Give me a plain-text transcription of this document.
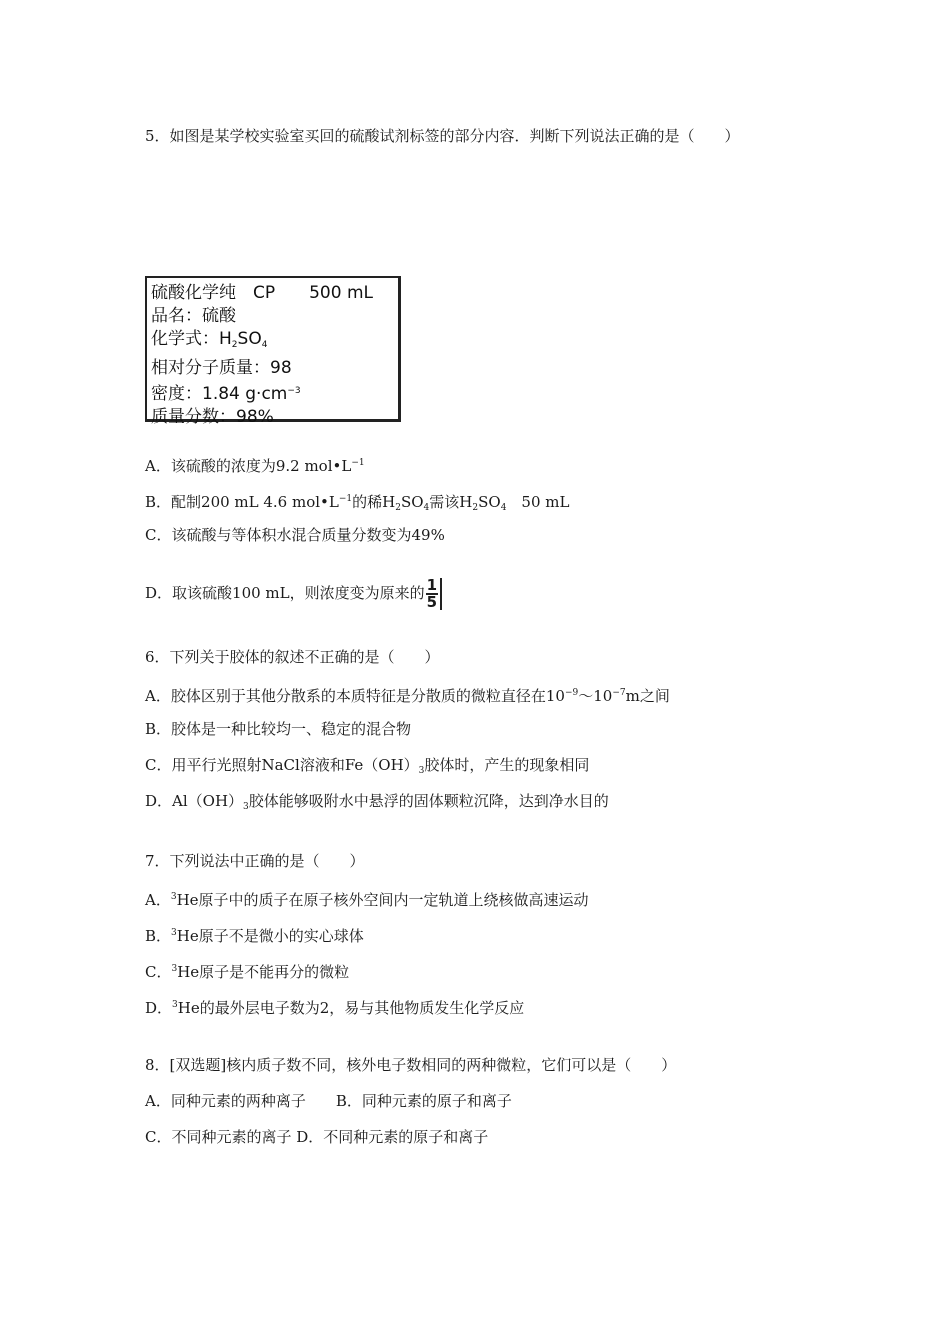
5．如图是某学校实验室买回的硫酸试剂标签的部分内容．判断下列说法正确的是（　　）
硫酸化学纯　CP　　500 mL
品名：硫酸
化学式：$H_2SO_4$
相对分子质量：98
密度：1.84 $g\cdot cm^{-3}$
质量分数：98%
A．该硫酸的浓度为9.2 $mol•L^{-1}$
B．配制200 mL 4.6 $mol•L^{-1}$的稀$H_2SO_4$需该$H_2SO_4$　50 mL
C．该硫酸与等体积水混合质量分数变为49%
D．取该硫酸100 mL，则浓度变为原来的 $\frac{1}{5}$
6．下列关于胶体的叙述不正确的是（　　）
A．胶体区别于其他分散系的本质特征是分散质的微粒直径在$10^{-9}\sim 10^{-7}m$之间
B．胶体是一种比较均一、稳定的混合物
C．用平行光照射NaCl溶液和$Fe(OH)_3$胶体时，产生的现象相同
D．$Al(OH)_3$胶体能够吸附水中悬浮的固体颗粒沉降，达到净水目的
7．下列说法中正确的是（　　）
A．$^3$He原子中的质子在原子核外空间内一定轨道上绕核做高速运动
B．$^3$He原子不是微小的实心球体
C．$^3$He原子是不能再分的微粒
D．$^3$He的最外层电子数为2，易与其他物质发生化学反应
8．[双选题]核内质子数不同，核外电子数相同的两种微粒，它们可以是（　　）
A．同种元素的两种离子　　B．同种元素的原子和离子
C．不同种元素的离子 D．不同种元素的原子和离子
